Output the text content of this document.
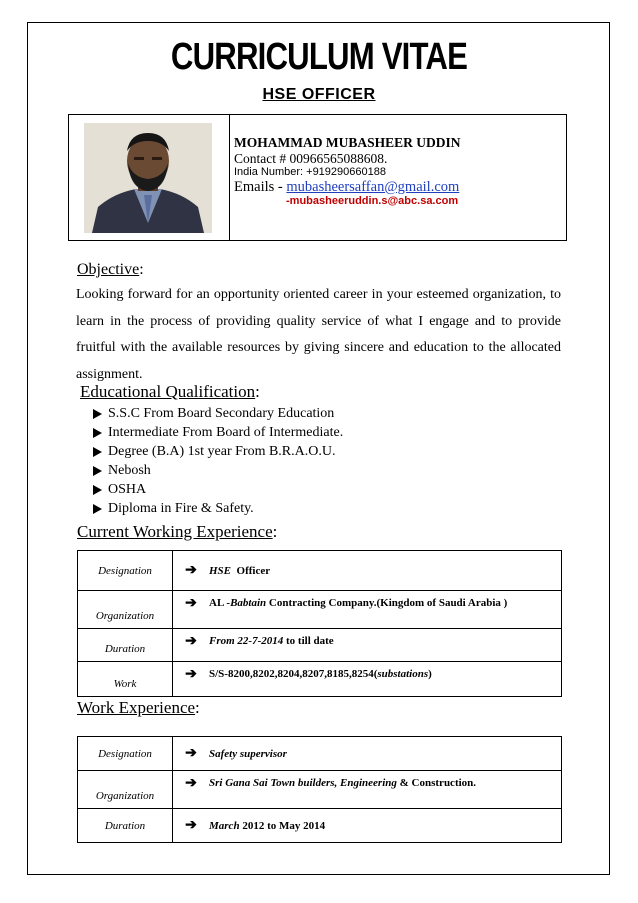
CURRICULUM VITAE
HSE OFFICER
MOHAMMAD MUBASHEER UDDIN
Contact # 00966565088608.
India Number: +919290660188
Emails - mubasheersaffan@gmail.com
-mubasheeruddin.s@abc.sa.com
Objective:
Looking forward for an opportunity oriented career in your esteemed organization, to learn in the process of providing quality service of what I engage and to provide fruitful with the available resources by giving sincere and education to the allocated assignment.
Educational Qualification:
S.S.C From Board Secondary Education
Intermediate From Board of Intermediate.
Degree (B.A) 1st year From B.R.A.O.U.
Nebosh
OSHA
Diploma in Fire & Safety.
Current Working Experience:
Designation	➔	HSE Officer
Organization	➔	AL -Babtain Contracting Company.(Kingdom of Saudi Arabia )
Duration	➔	From 22-7-2014 to till date
Work	➔	S/S-8200,8202,8204,8207,8185,8254(substations)
Work Experience:
Designation	➔	Safety supervisor
Organization	➔	Sri Gana Sai Town builders, Engineering & Construction.
Duration	➔	March 2012 to May 2014
